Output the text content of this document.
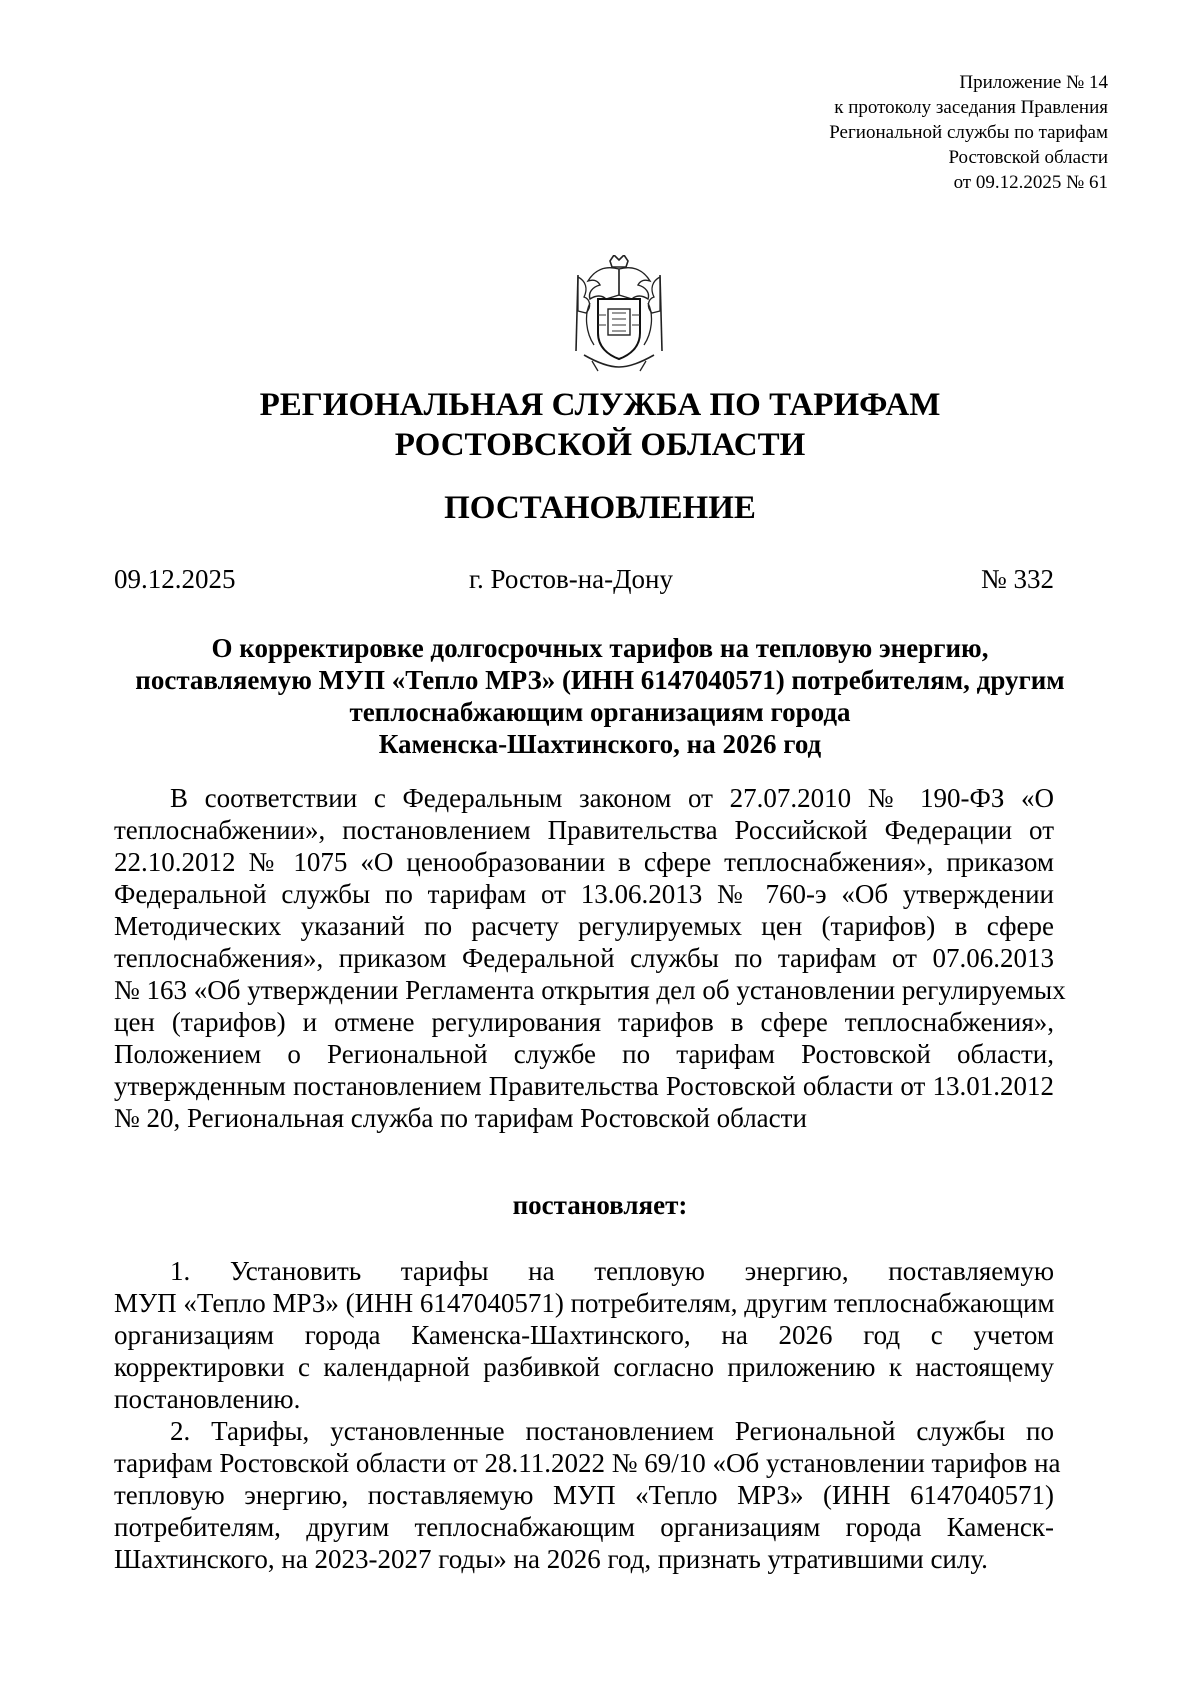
Приложение № 14
к протоколу заседания Правления
Региональной службы по тарифам
Ростовской области
от 09.12.2025 № 61
РЕГИОНАЛЬНАЯ СЛУЖБА ПО ТАРИФАМ
РОСТОВСКОЙ ОБЛАСТИ
ПОСТАНОВЛЕНИЕ
09.12.2025	г. Ростов-на-Дону	№ 332
О корректировке долгосрочных тарифов на тепловую энергию,
поставляемую МУП «Тепло МРЗ» (ИНН 6147040571) потребителям, другим
теплоснабжающим организациям города
Каменска-Шахтинского, на 2026 год
В соответствии с Федеральным законом от 27.07.2010 № 190-ФЗ «О
теплоснабжении», постановлением Правительства Российской Федерации от
22.10.2012 № 1075 «О ценообразовании в сфере теплоснабжения», приказом
Федеральной службы по тарифам от 13.06.2013 № 760-э «Об утверждении
Методических указаний по расчету регулируемых цен (тарифов) в сфере
теплоснабжения», приказом Федеральной службы по тарифам от 07.06.2013
№ 163 «Об утверждении Регламента открытия дел об установлении регулируемых
цен (тарифов) и отмене регулирования тарифов в сфере теплоснабжения»,
Положением о Региональной службе по тарифам Ростовской области,
утвержденным постановлением Правительства Ростовской области от 13.01.2012
№ 20, Региональная служба по тарифам Ростовской области
постановляет:
1. Установить тарифы на тепловую энергию, поставляемую
МУП «Тепло МРЗ» (ИНН 6147040571) потребителям, другим теплоснабжающим
организациям города Каменска-Шахтинского, на 2026 год с учетом
корректировки с календарной разбивкой согласно приложению к настоящему
постановлению.
2. Тарифы, установленные постановлением Региональной службы по
тарифам Ростовской области от 28.11.2022 № 69/10 «Об установлении тарифов на
тепловую энергию, поставляемую МУП «Тепло МРЗ» (ИНН 6147040571)
потребителям, другим теплоснабжающим организациям города Каменск-
Шахтинского, на 2023-2027 годы» на 2026 год, признать утратившими силу.
